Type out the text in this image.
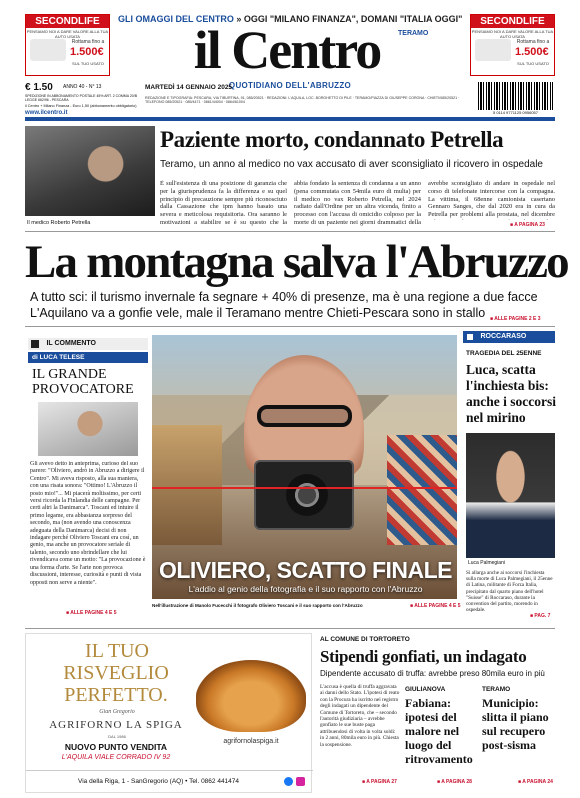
SECONDLIFE
PENSIAMO NOI A DARE VALORE ALLA TUA AUTO USATA
Rottama fino a
1.500€
SUL TUO USATO
SECONDLIFE
PENSIAMO NOI A DARE VALORE ALLA TUA AUTO USATA
Rottama fino a
1.500€
SUL TUO USATO
GLI OMAGGI DEL CENTRO » OGGI "MILANO FINANZA", DOMANI "ITALIA OGGI"
il Centro	TERAMO
QUOTIDIANO DELL'ABRUZZO
€ 1.50 ANNO 40 - N° 13
SPEDIZIONE IN ABBONAMENTO POSTALE 45% ART. 2 COMMA 20/B LEGGE 662/96 - PESCARA
il Centro + Milano Finanza - Euro 1,50 (abbonamento obbligatorio)
www.ilcentro.it
MARTEDÌ 14 GENNAIO 2025
REDAZIONE E TIPOGRAFIA: PESCARA, VIA TIBURTINA, 91, 085/20521 · REDAZIONI: L'AQUILA, LOC. BORGHETTO DI PILE · TERAMO/PIAZZA DI GIUSEPPE CORONA · CHIETI/085/20521 · TELEFONO 085/20521 · 085/4471 · 0861/44004 · 0864/61004
5 0114 9771125 0956057
Il medico Roberto Petrella
Paziente morto, condannato Petrella
Teramo, un anno al medico no vax accusato di aver sconsigliato il ricovero in ospedale
È sull'esistenza di una posizione di garanzia che per la giurisprudenza fa la differenza e su quel principio di precauzione sempre più riconosciuto dalla Cassazione che ipm hanno basato una severa e meticolosa requisitoria. Ora saranno le motivazioni a stabilire se è su questo che la
abbia fondato la sentenza di condanna a un anno (pena commutata con 54mila euro di multa) per il medico no vax Roberto Petrella, nel 2024 radiato dall'Ordine per un altra vicenda, finito a processo con l'accusa di omicidio colposo per la morte di un paziente nei giorni drammatici della
avrebbe sconsigliato di andare in ospedale nel corso di telefonate intercorse con la compagna. La vittima, il 68enne camionista casertano Gennaro Sanges, che dal 2020 era in cura da Petrella per problemi alla prostata, nel dicembre
■ A PAGINA 23
La montagna salva l'Abruzzo
A tutto sci: il turismo invernale fa segnare + 40% di presenze, ma è una regione a due facce
L'Aquilano va a gonfie vele, male il Teramano mentre Chieti-Pescara sono in stallo ■ ALLE PAGINE 2 E 3
$^{IL COMMENTO}$
di LUCA TELESE
IL GRANDE PROVOCATORE
Gli avevo detto in anteprima, curioso del suo parere: "Oliviero, andrò in Abruzzo a dirigere il Centro". Mi aveva risposto, alla sua maniera, con una risata sonora: "Ottimo! L'Abruzzo il posto mio!"... Mi piacerà moltissimo, per certi versi ricorda la Finlandia delle campagne. Per certi altri la Danimarca". Toscani ed intuire il primo legame, era abbastanza sorpreso del secondo, ma (non avendo una conoscenza adeguata della Danimarca) decisi di non indagare perché Oliviero Toscani era così, un genio, ma anche un provocatore seriale di talento, secondo uno sbrindellare che lui rivendicava come un motto: "La provocazione è una forma d'arte. Se l'arte non provoca discussioni, interesse, curiosità e punti di vista opposti non serve a niente".
■ ALLE PAGINE 4 E 5
OLIVIERO, SCATTO FINALE
L'addio al genio della fotografia e il suo rapporto con l'Abruzzo
Nell'illustrazione di Manolo Fucecchi il fotografo Oliviero Toscani e il suo rapporto con l'Abruzzo	■ ALLE PAGINE 4 E 5
$^{ROCCARASO}$
TRAGEDIA DEL 25ENNE
Luca, scatta l'inchiesta bis: anche i soccorsi nel mirino
Luca Palmegiani
Si allarga anche ai soccorsi l'inchiesta sulla morte di Luca Palmegiani, il 25enne di Latina, militante di Forza Italia, precipitato dal quarto piano dell'hotel "Suisse" di Roccaraso, durante la convention del partito, morendo in ospedale.
■ PAG. 7
IL TUO
RISVEGLIO
PERFETTO.
Gian Gregorio
AGRIFORNO LA SPIGA
DAL 1986
NUOVO PUNTO VENDITA
L'AQUILA VIALE CORRADO IV 92
agrifornolaspiga.it
Via della Riga, 1 - SanGregorio (AQ) • Tel. 0862 441474
AL COMUNE DI TORTORETO
Stipendi gonfiati, un indagato
Dipendente accusato di truffa: avrebbe preso 80mila euro in più
L'accusa è quella di truffa aggravata ai danni dello Stato. L'ipotesi di reato con la Procura ha iscritto nel registro degli indagati un dipendente del Comune di Tortoreto, che – secondo l'autorità giudiziaria – avrebbe gonfiato le sue buste paga attribuendosi di volta in volta soldi: in 2 anni, 80mila euro in più. Chiesta la sospensione.
■ A PAGINA 27
GIULIANOVA
Fabiana: ipotesi del malore nel luogo del ritrovamento
■ A PAGINA 28
TERAMO
Municipio: slitta il piano sul recupero post-sisma
■ A PAGINA 24
